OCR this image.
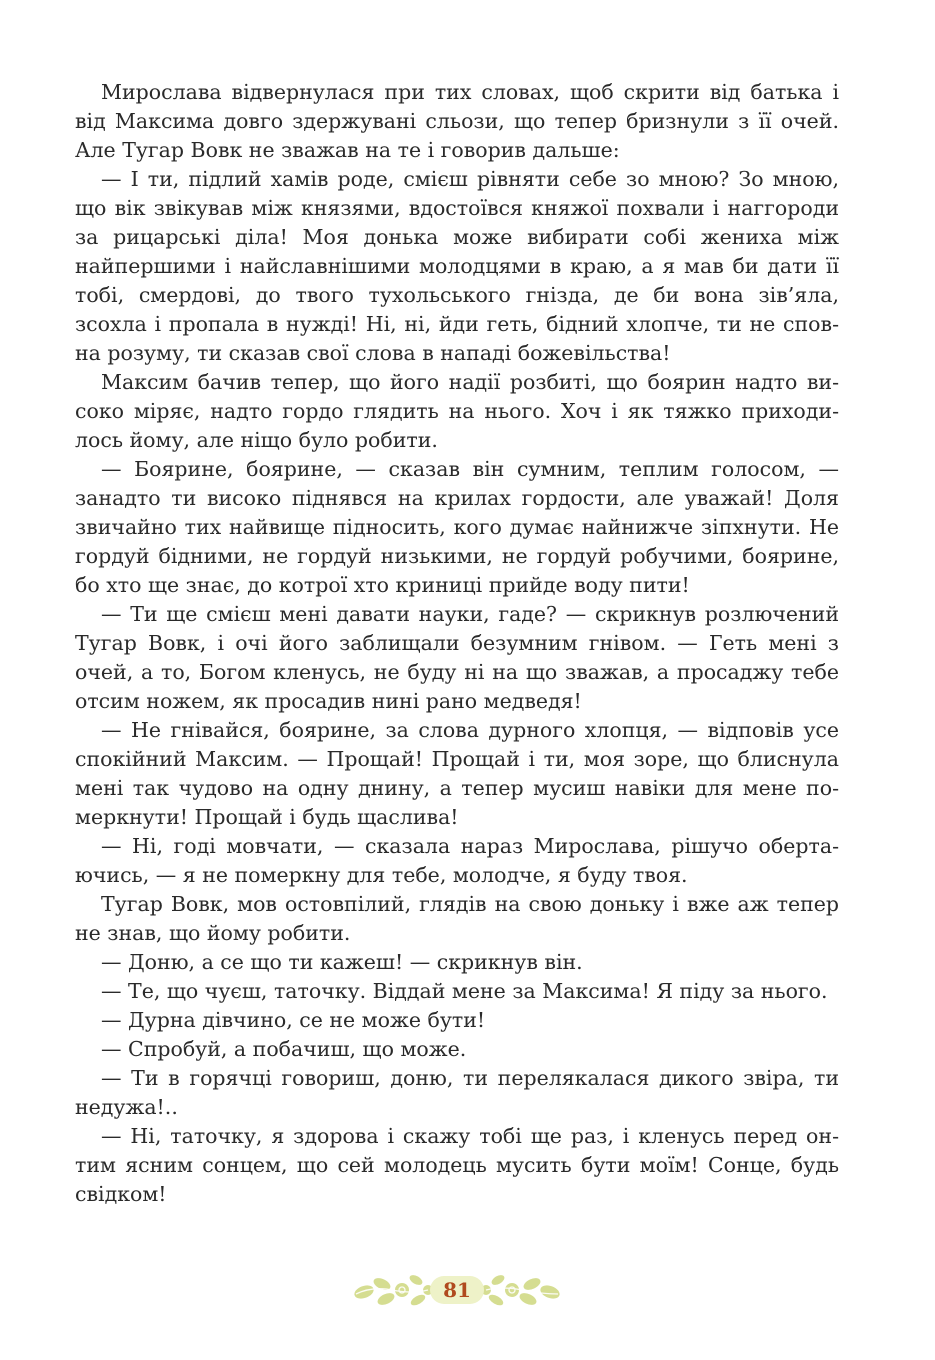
Мирослава відвернулася при тих словах, щоб скрити від батька і від Максима довго здержувані сльози, що тепер бризнули з її очей. Але Тугар Вовк не зважав на те і говорив дальше:

— І ти, підлий хамів роде, смієш рівняти себе зо мною? Зо мною, що вік звікував між князями, вдостоївся княжої похвали і наггороди за рицарські діла! Моя донька може вибирати собі жениха між найпершими і найславнішими молодцями в краю, а я мав би дати її тобі, смердові, до твого тухольського гнізда, де би вона зів’яла, зсохла і пропала в нужді! Ні, ні, йди геть, бідний хлопче, ти не сповна розуму, ти сказав свої слова в нападі божевільства!

Максим бачив тепер, що його надії розбиті, що боярин надто високо міряє, надто гордо глядить на нього. Хоч і як тяжко приходилось йому, але ніщо було робити.

— Боярине, боярине, — сказав він сумним, теплим голосом, — занадто ти високо піднявся на крилах гордости, але уважай! Доля звичайно тих найвище підносить, кого думає найнижче зіпхнути. Не гордуй бідними, не гордуй низькими, не гордуй робучими, боярине, бо хто ще знає, до котрої хто криниці прийде воду пити!

— Ти ще смієш мені давати науки, гаде? — скрикнув розлючений Тугар Вовк, і очі його заблищали безумним гнівом. — Геть мені з очей, а то, Богом кленусь, не буду ні на що зважав, а просаджу тебе отсим ножем, як просадив нині рано медведя!

— Не гнівайся, боярине, за слова дурного хлопця, — відповів усе спокійний Максим. — Прощай! Прощай і ти, моя зоре, що блиснула мені так чудово на одну днину, а тепер мусиш навіки для мене померкнути! Прощай і будь щаслива!

— Ні, годі мовчати, — сказала нараз Мирослава, рішучо обертаючись, — я не померкну для тебе, молодче, я буду твоя.

Тугар Вовк, мов остовпілий, глядів на свою доньку і вже аж тепер не знав, що йому робити.

— Доню, а се що ти кажеш! — скрикнув він.

— Те, що чуєш, таточку. Віддай мене за Максима! Я піду за нього.

— Дурна дівчино, се не може бути!

— Спробуй, а побачиш, що може.

— Ти в горячці говориш, доню, ти перелякалася дикого звіра, ти недужа!..

— Ні, таточку, я здорова і скажу тобі ще раз, і кленусь перед онтим ясним сонцем, що сей молодець мусить бути моїм! Сонце, будь свідком!

81
